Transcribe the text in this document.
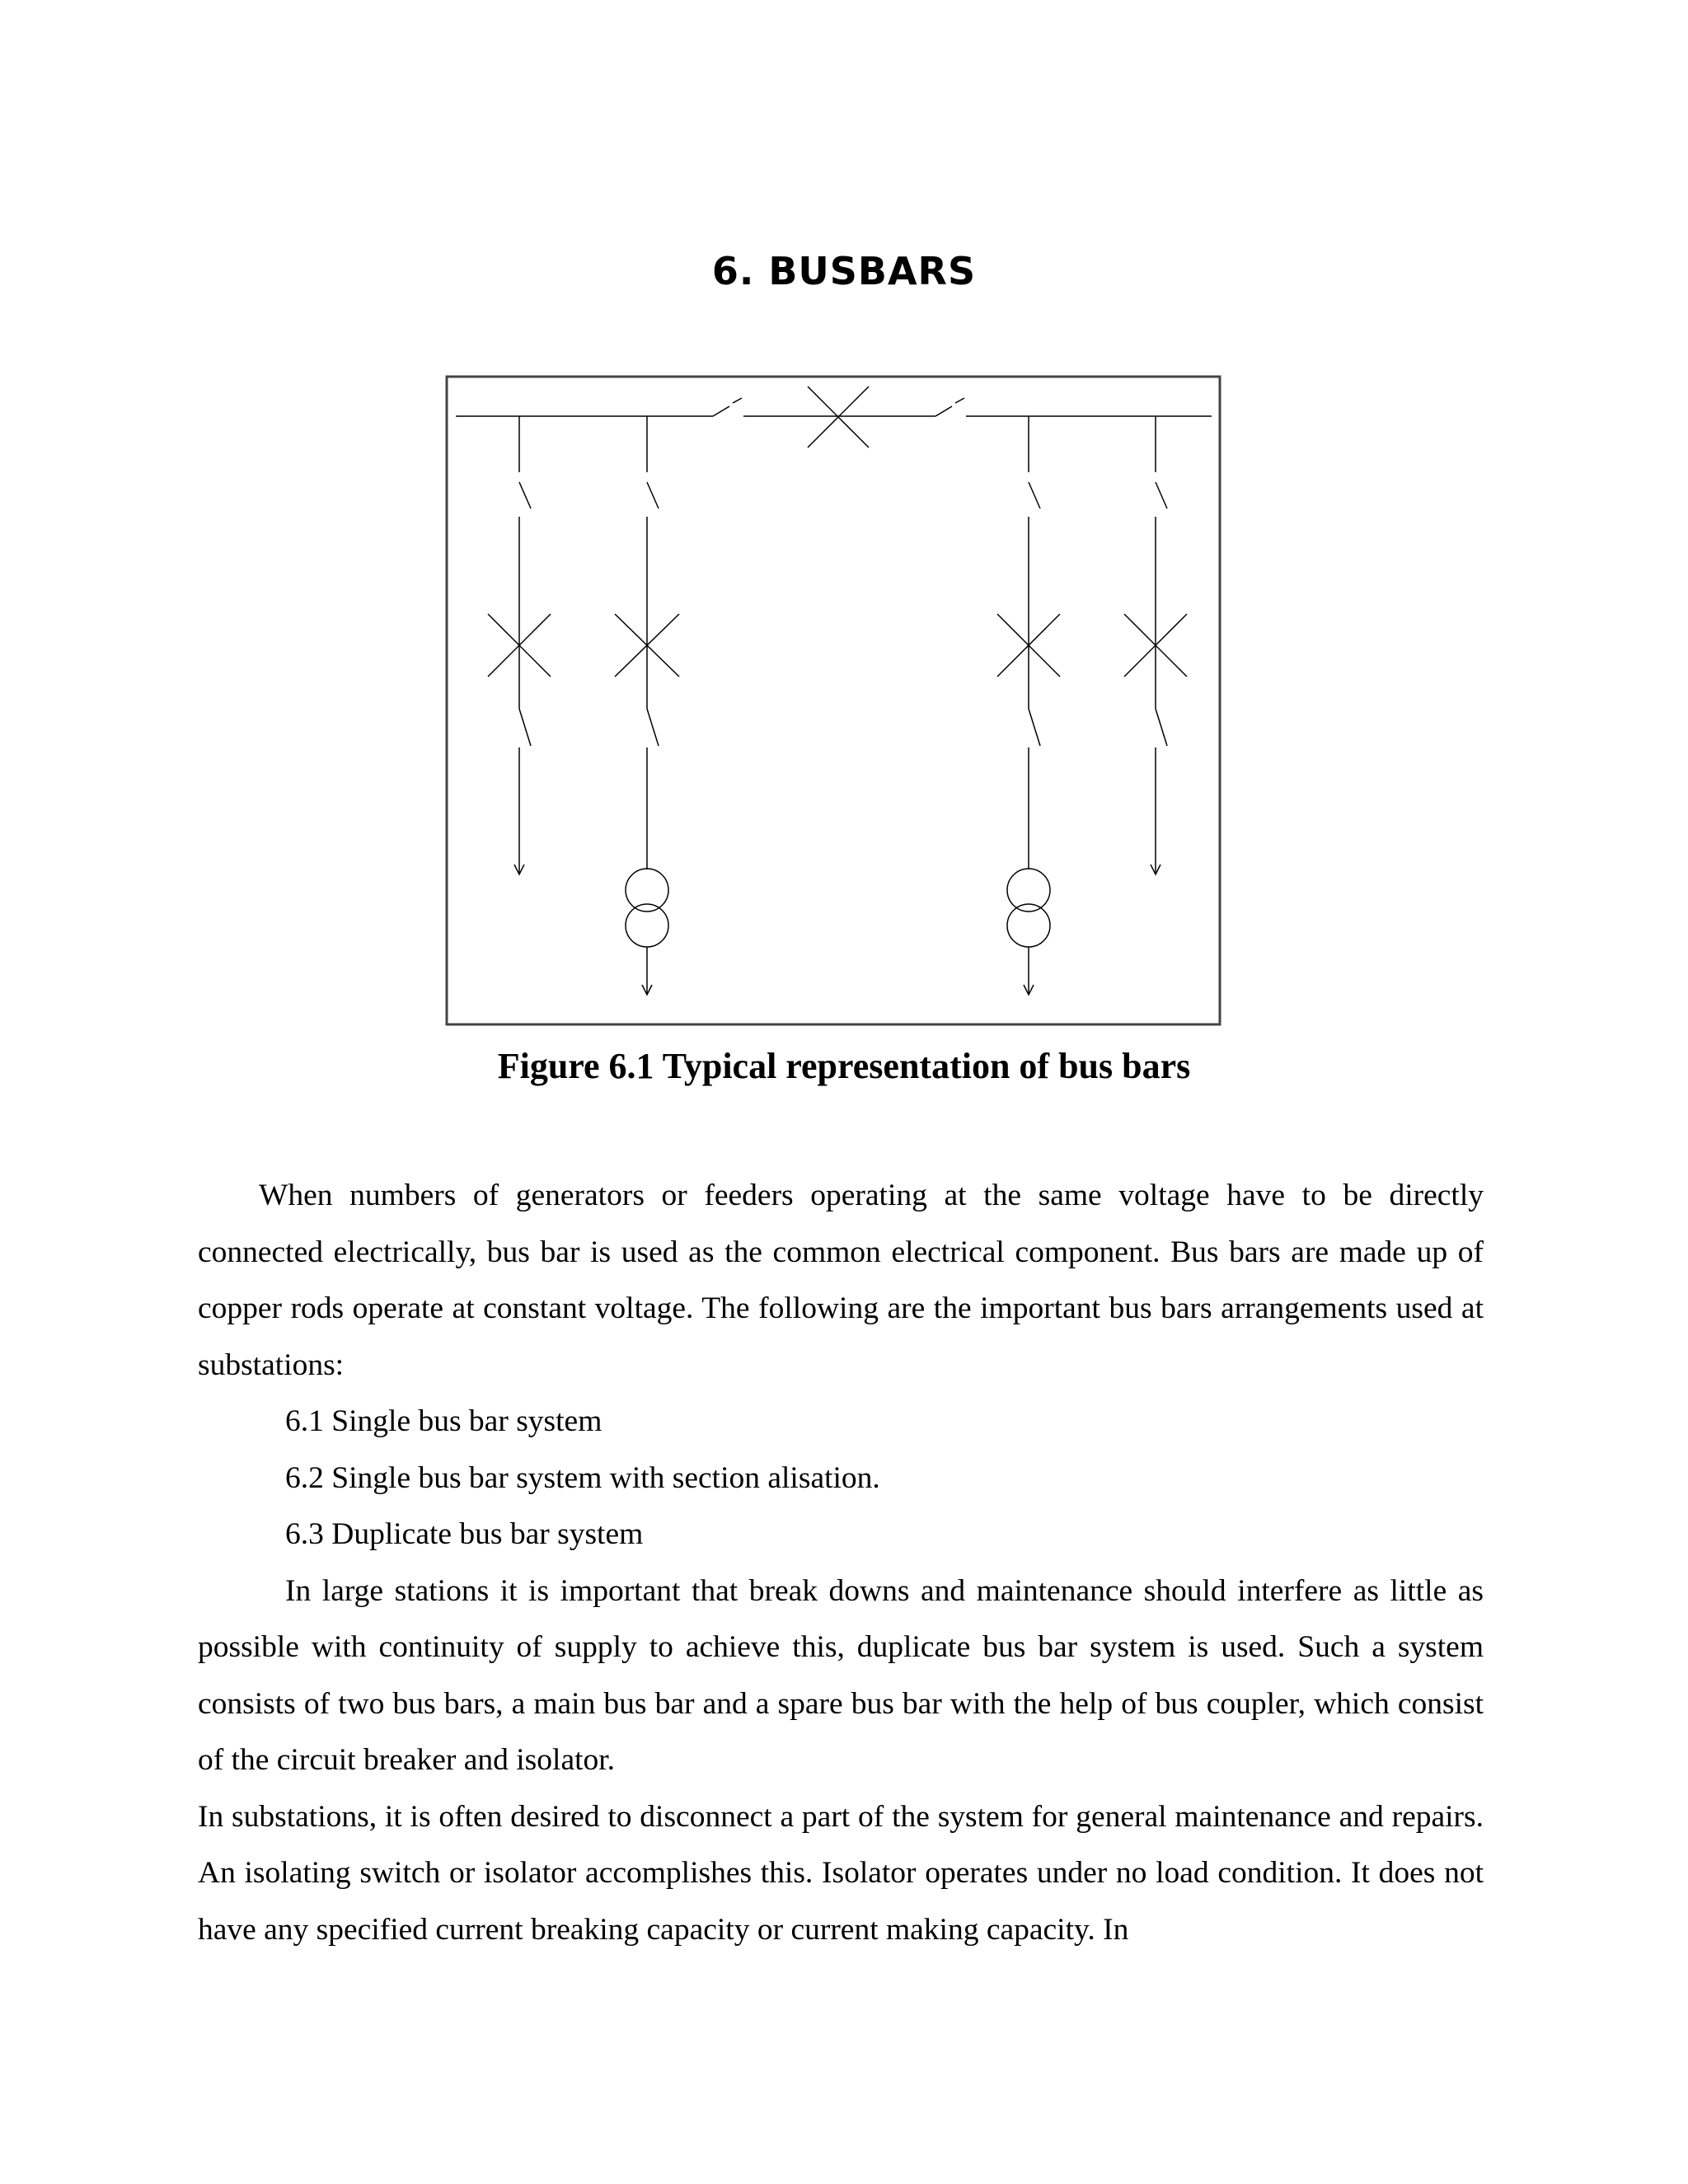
6. BUSBARS
Figure 6.1 Typical representation of bus bars

When numbers of generators or feeders operating at the same voltage have to be directly connected electrically, bus bar is used as the common electrical component. Bus bars are made up of copper rods operate at constant voltage. The following are the important bus bars arrangements used at substations:

6.1 Single bus bar system

6.2 Single bus bar system with section alisation.

6.3 Duplicate bus bar system

In large stations it is important that break downs and maintenance should interfere as little as possible with continuity of supply to achieve this, duplicate bus bar system is used. Such a system consists of two bus bars, a main bus bar and a spare bus bar with the help of bus coupler, which consist of the circuit breaker and isolator.

In substations, it is often desired to disconnect a part of the system for general maintenance and repairs. An isolating switch or isolator accomplishes this. Isolator operates under no load condition. It does not have any specified current breaking capacity or current making capacity. In
